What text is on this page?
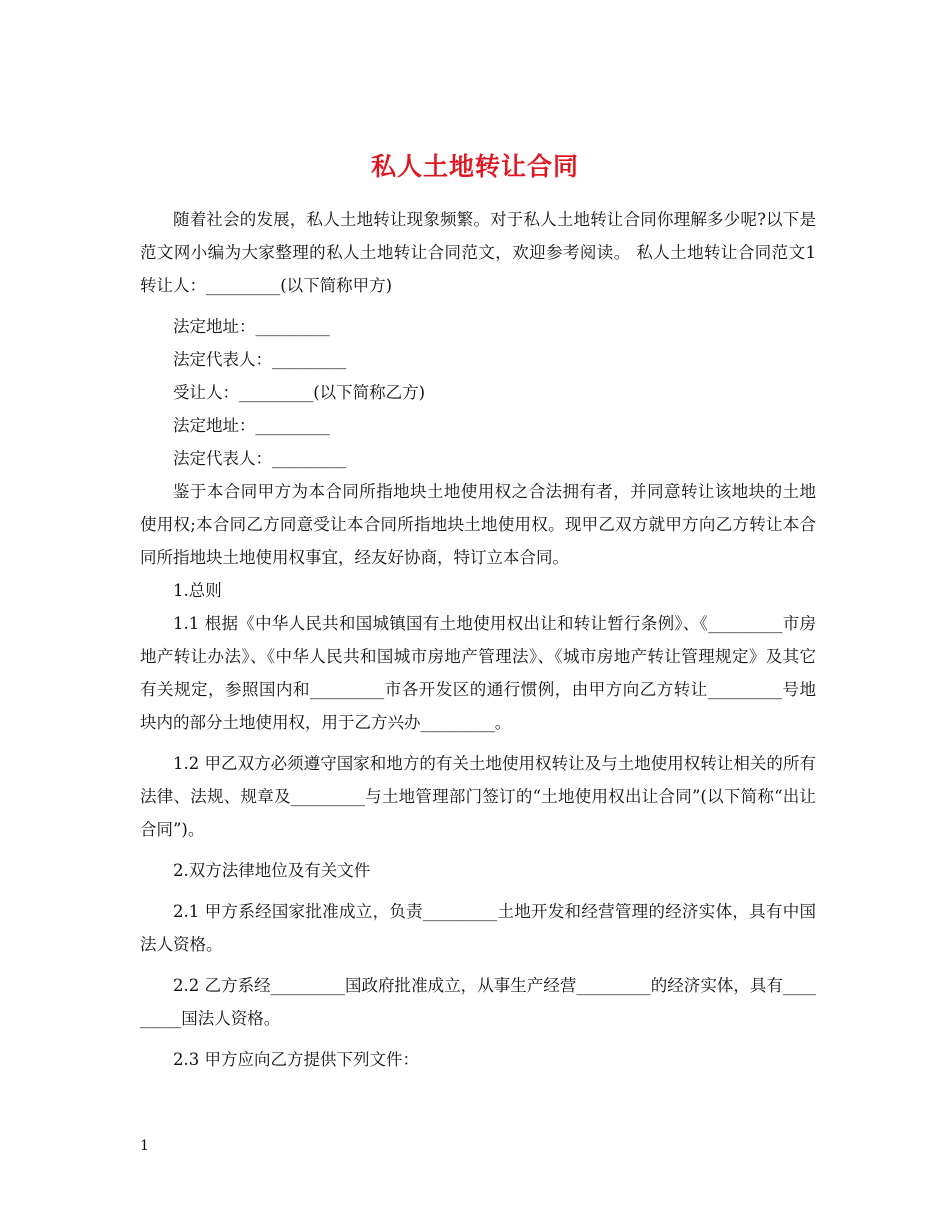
私人土地转让合同

随着社会的发展，私人土地转让现象频繁。对于私人土地转让合同你理解多少呢?以下是范文网小编为大家整理的私人土地转让合同范文，欢迎参考阅读。 私人土地转让合同范文1　　转让人：_________(以下简称甲方)

法定地址：_________

法定代表人：_________

受让人：_________(以下简称乙方)

法定地址：_________

法定代表人：_________

鉴于本合同甲方为本合同所指地块土地使用权之合法拥有者，并同意转让该地块的土地使用权;本合同乙方同意受让本合同所指地块土地使用权。现甲乙双方就甲方向乙方转让本合同所指地块土地使用权事宜，经友好协商，特订立本合同。

1.总则

1.1 根据《中华人民共和国城镇国有土地使用权出让和转让暂行条例》、《_________市房地产转让办法》、《中华人民共和国城市房地产管理法》、《城市房地产转让管理规定》及其它有关规定，参照国内和_________市各开发区的通行惯例，由甲方向乙方转让_________号地块内的部分土地使用权，用于乙方兴办_________。

1.2 甲乙双方必须遵守国家和地方的有关土地使用权转让及与土地使用权转让相关的所有法律、法规、规章及_________与土地管理部门签订的“土地使用权出让合同”(以下简称“出让合同”)。

2.双方法律地位及有关文件

2.1 甲方系经国家批准成立，负责_________土地开发和经营管理的经济实体，具有中国法人资格。

2.2 乙方系经_________国政府批准成立，从事生产经营_________的经济实体，具有_________国法人资格。

2.3 甲方应向乙方提供下列文件：

1
